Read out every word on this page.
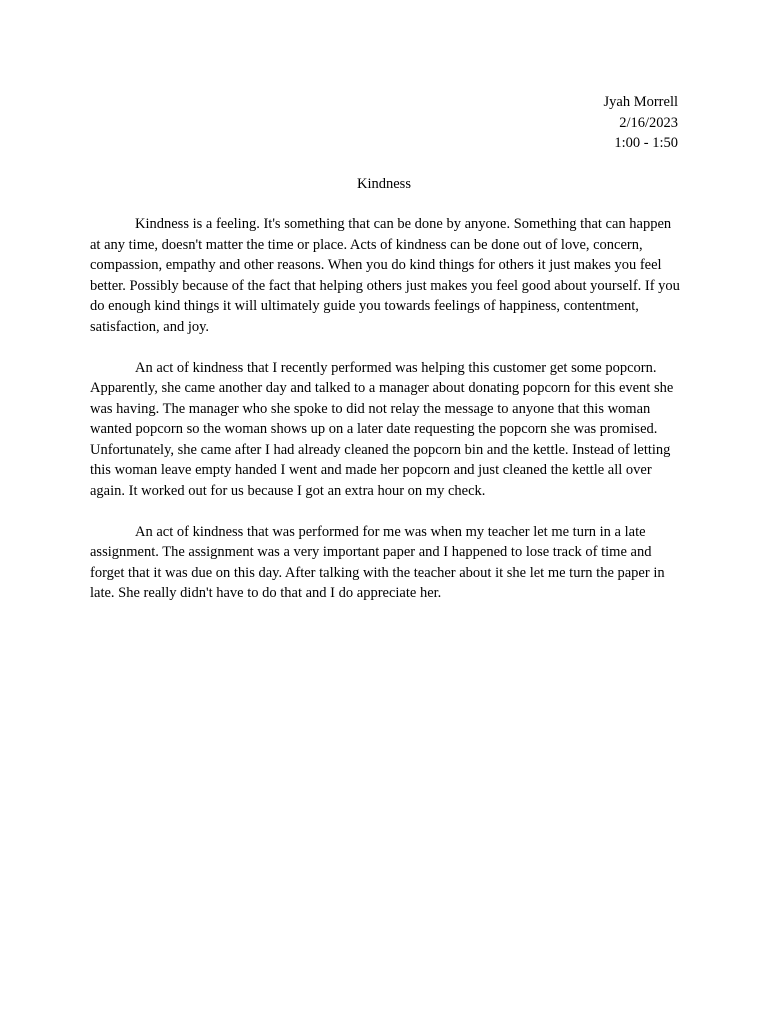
Jyah Morrell
2/16/2023
1:00 - 1:50
Kindness

Kindness is a feeling. It's something that can be done by anyone. Something that can happen at any time, doesn't matter the time or place. Acts of kindness can be done out of love, concern, compassion, empathy and other reasons. When you do kind things for others it just makes you feel better. Possibly because of the fact that helping others just makes you feel good about yourself. If you do enough kind things it will ultimately guide you towards feelings of happiness, contentment, satisfaction, and joy.

An act of kindness that I recently performed was helping this customer get some popcorn. Apparently, she came another day and talked to a manager about donating popcorn for this event she was having. The manager who she spoke to did not relay the message to anyone that this woman wanted popcorn so the woman shows up on a later date requesting the popcorn she was promised. Unfortunately, she came after I had already cleaned the popcorn bin and the kettle. Instead of letting this woman leave empty handed I went and made her popcorn and just cleaned the kettle all over again. It worked out for us because I got an extra hour on my check.

An act of kindness that was performed for me was when my teacher let me turn in a late assignment. The assignment was a very important paper and I happened to lose track of time and forget that it was due on this day. After talking with the teacher about it she let me turn the paper in late. She really didn't have to do that and I do appreciate her.
